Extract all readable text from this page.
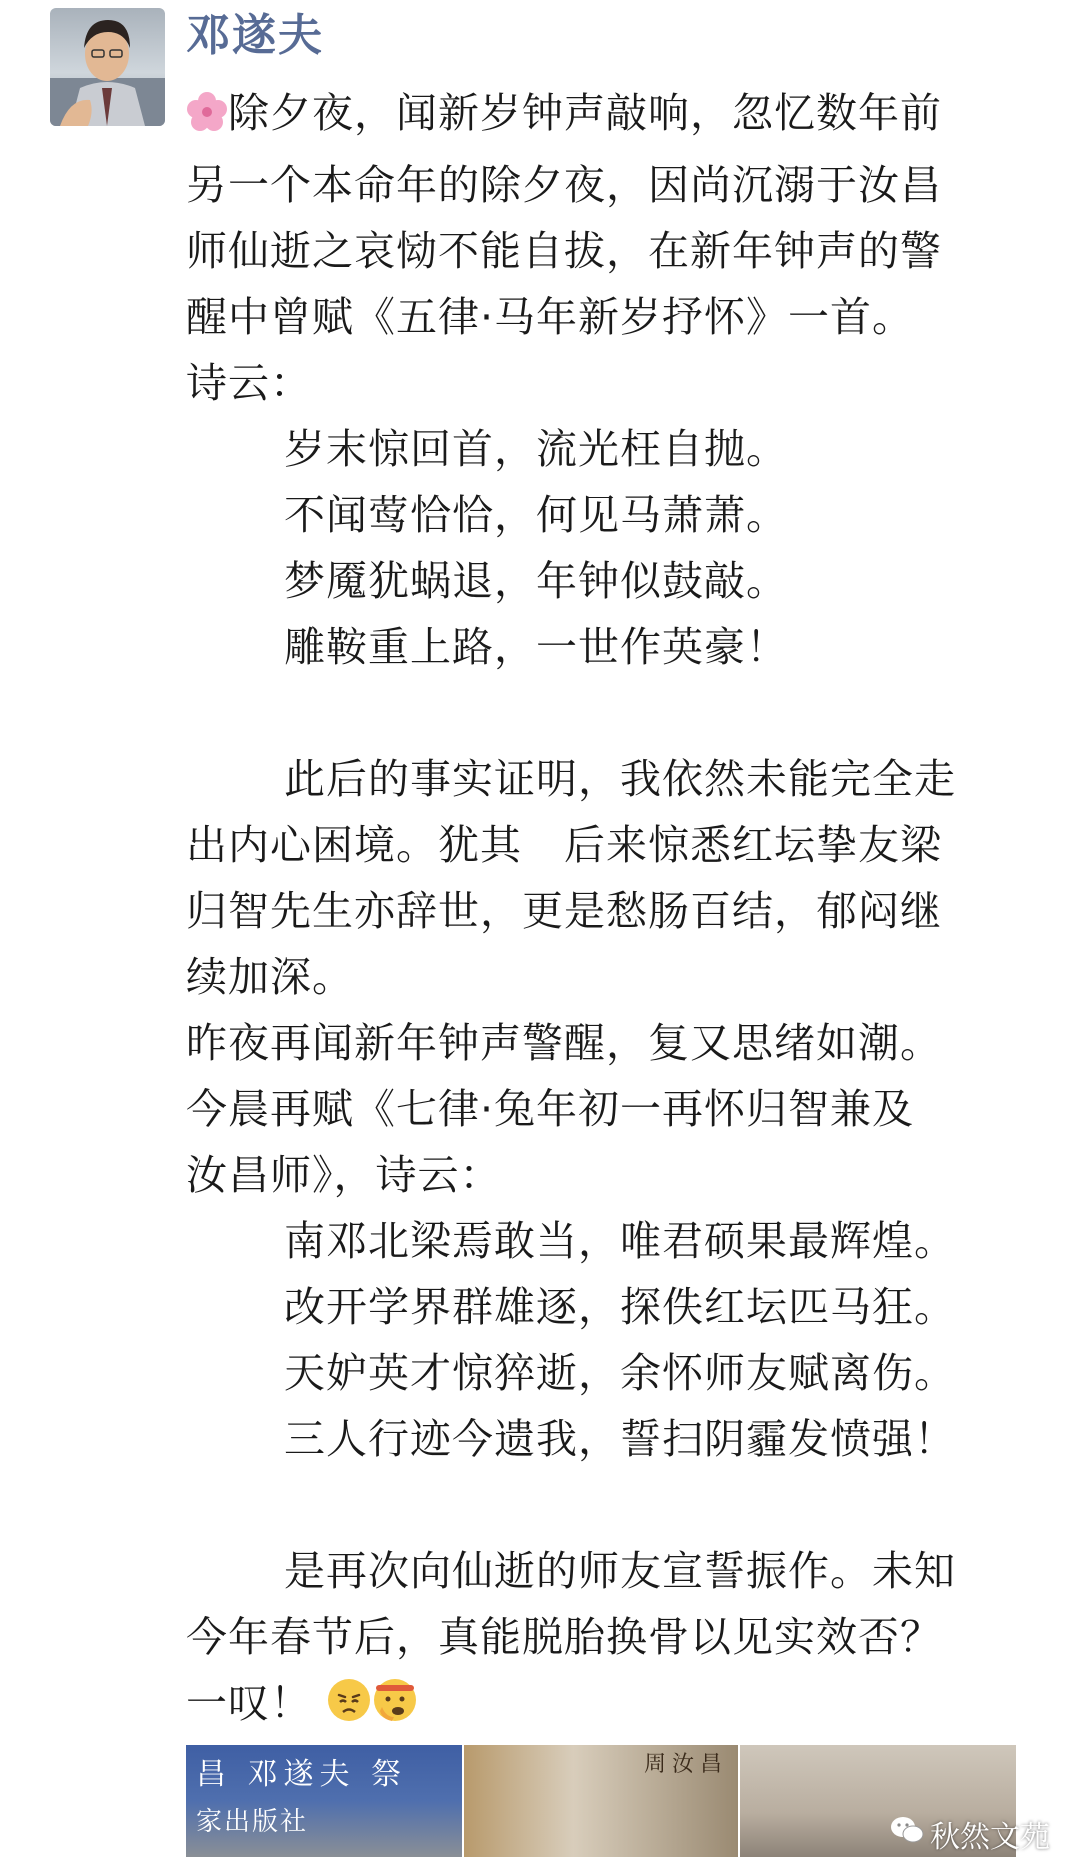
邓遂夫

除夕夜，闻新岁钟声敲响，忽忆数年前

另一个本命年的除夕夜，因尚沉溺于汝昌

师仙逝之哀恸不能自拔，在新年钟声的警

醒中曾赋《五律·马年新岁抒怀》一首。

诗云：

岁末惊回首，流光枉自抛。

不闻莺恰恰，何见马萧萧。

梦魇犹蜗退，年钟似鼓敲。

雕鞍重上路，一世作英豪！

此后的事实证明，我依然未能完全走

出内心困境。犹其　后来惊悉红坛挚友梁

归智先生亦辞世，更是愁肠百结，郁闷继

续加深。

昨夜再闻新年钟声警醒，复又思绪如潮。

今晨再赋《七律·兔年初一再怀归智兼及

汝昌师》，诗云：

南邓北梁焉敢当，唯君硕果最辉煌。

改开学界群雄逐，探佚红坛匹马狂。

天妒英才惊猝逝，余怀师友赋离伤。

三人行迹今遗我，誓扫阴霾发愤强！

是再次向仙逝的师友宣誓振作。未知

今年春节后，真能脱胎换骨以见实效否？

一叹！

昌 邓遂夫 祭
家出版社
周汝昌
秋然文苑
